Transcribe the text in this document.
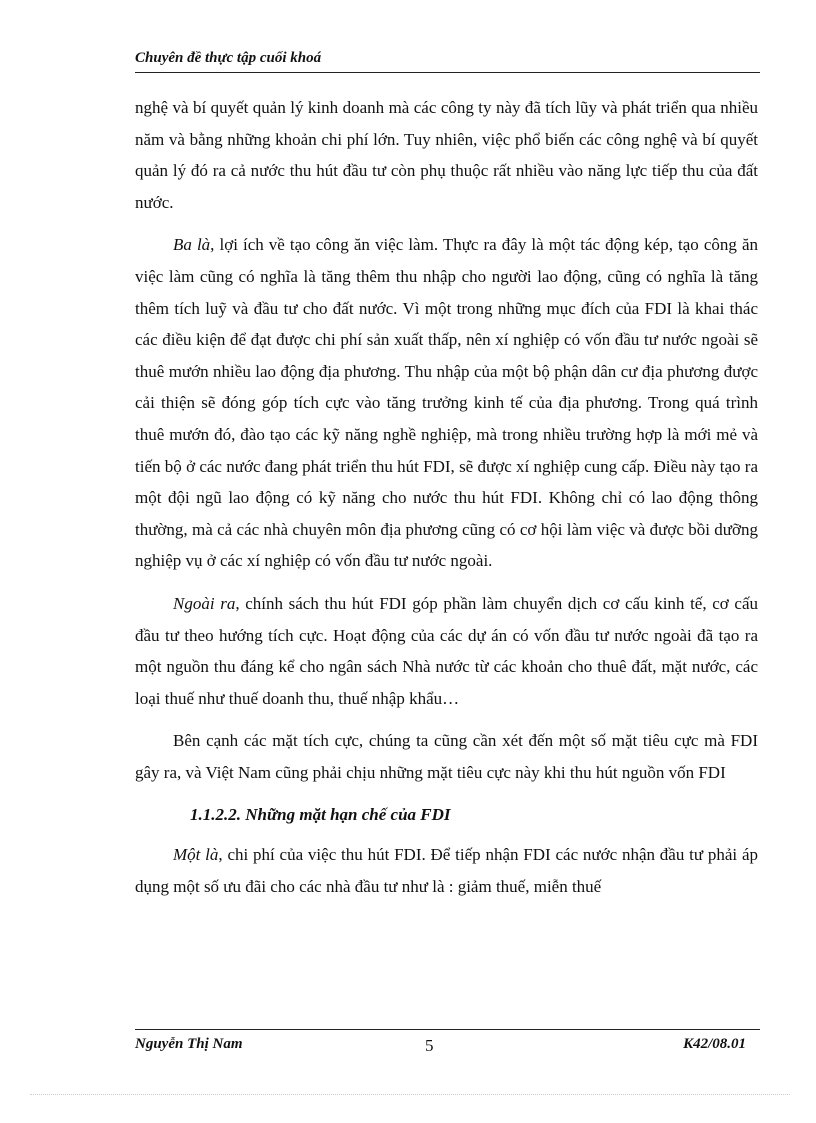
Chuyên đề thực tập cuối khoá

nghệ và bí quyết quản lý kinh doanh mà các công ty này đã tích lũy và phát triển qua nhiều năm và bằng những khoản chi phí lớn. Tuy nhiên, việc phổ biến các công nghệ và bí quyết quản lý đó ra cả nước thu hút đầu tư còn phụ thuộc rất nhiều vào năng lực tiếp thu của đất nước.

Ba là, lợi ích về tạo công ăn việc làm. Thực ra đây là một tác động kép, tạo công ăn việc làm cũng có nghĩa là tăng thêm thu nhập cho người lao động, cũng có nghĩa là tăng thêm tích luỹ và đầu tư cho đất nước. Vì một trong những mục đích của FDI là khai thác các điều kiện để đạt được chi phí sản xuất thấp, nên xí nghiệp có vốn đầu tư nước ngoài sẽ thuê mướn nhiều lao động địa phương. Thu nhập của một bộ phận dân cư địa phương được cải thiện sẽ đóng góp tích cực vào tăng trưởng kinh tế của địa phương. Trong quá trình thuê mướn đó, đào tạo các kỹ năng nghề nghiệp, mà trong nhiều trường hợp là mới mẻ và tiến bộ ở các nước đang phát triển thu hút FDI, sẽ được xí nghiệp cung cấp. Điều này tạo ra một đội ngũ lao động có kỹ năng cho nước thu hút FDI. Không chỉ có lao động thông thường, mà cả các nhà chuyên môn địa phương cũng có cơ hội làm việc và được bồi dưỡng nghiệp vụ ở các xí nghiệp có vốn đầu tư nước ngoài.

Ngoài ra, chính sách thu hút FDI góp phần làm chuyển dịch cơ cấu kinh tế, cơ cấu đầu tư theo hướng tích cực. Hoạt động của các dự án có vốn đầu tư nước ngoài đã tạo ra một nguồn thu đáng kể cho ngân sách Nhà nước từ các khoản cho thuê đất, mặt nước, các loại thuế như thuế doanh thu, thuế nhập khẩu…

Bên cạnh các mặt tích cực, chúng ta cũng cần xét đến một số mặt tiêu cực mà FDI gây ra, và Việt Nam cũng phải chịu những mặt tiêu cực này khi thu hút nguồn vốn FDI

1.1.2.2. Những mặt hạn chế của FDI

Một là, chi phí của việc thu hút FDI. Để tiếp nhận FDI các nước nhận đầu tư phải áp dụng một số ưu đãi cho các nhà đầu tư như là : giảm thuế, miễn thuế

Nguyễn Thị Nam	5	K42/08.01
